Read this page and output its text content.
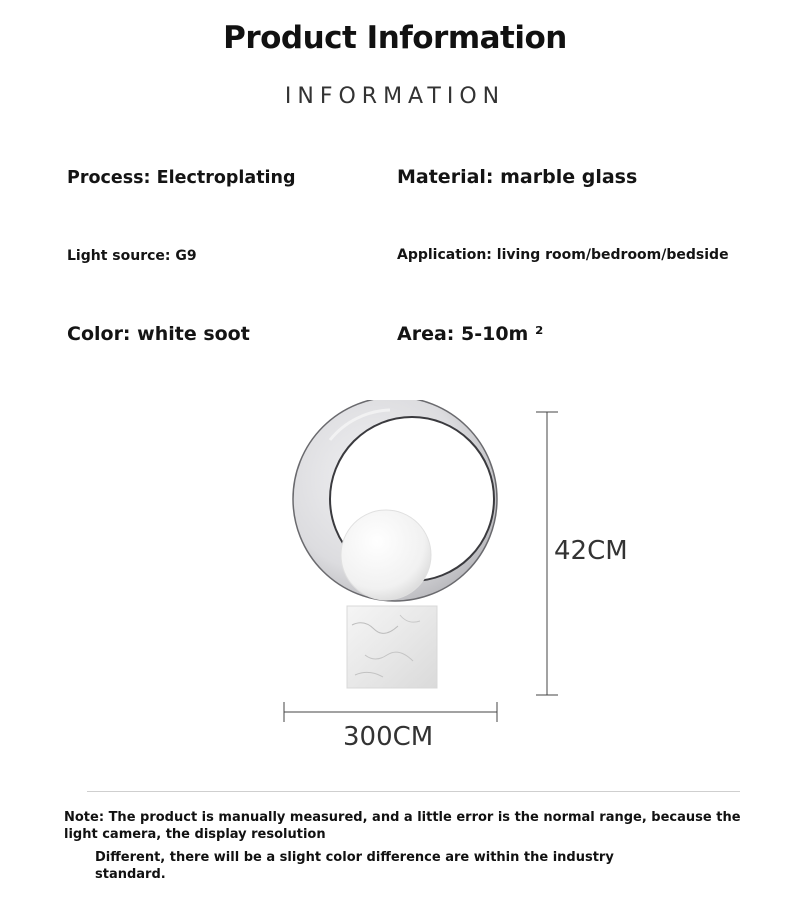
Product Information
INFORMATION
Process: Electroplating	Material: marble glass
Light source: G9	Application: living room/bedroom/bedside
Color: white soot	Area: 5-10m ²
42CM
300CM
Note: The product is manually measured, and a little error is the normal range, because the light camera, the display resolution
Different, there will be a slight color difference are within the industry standard.
